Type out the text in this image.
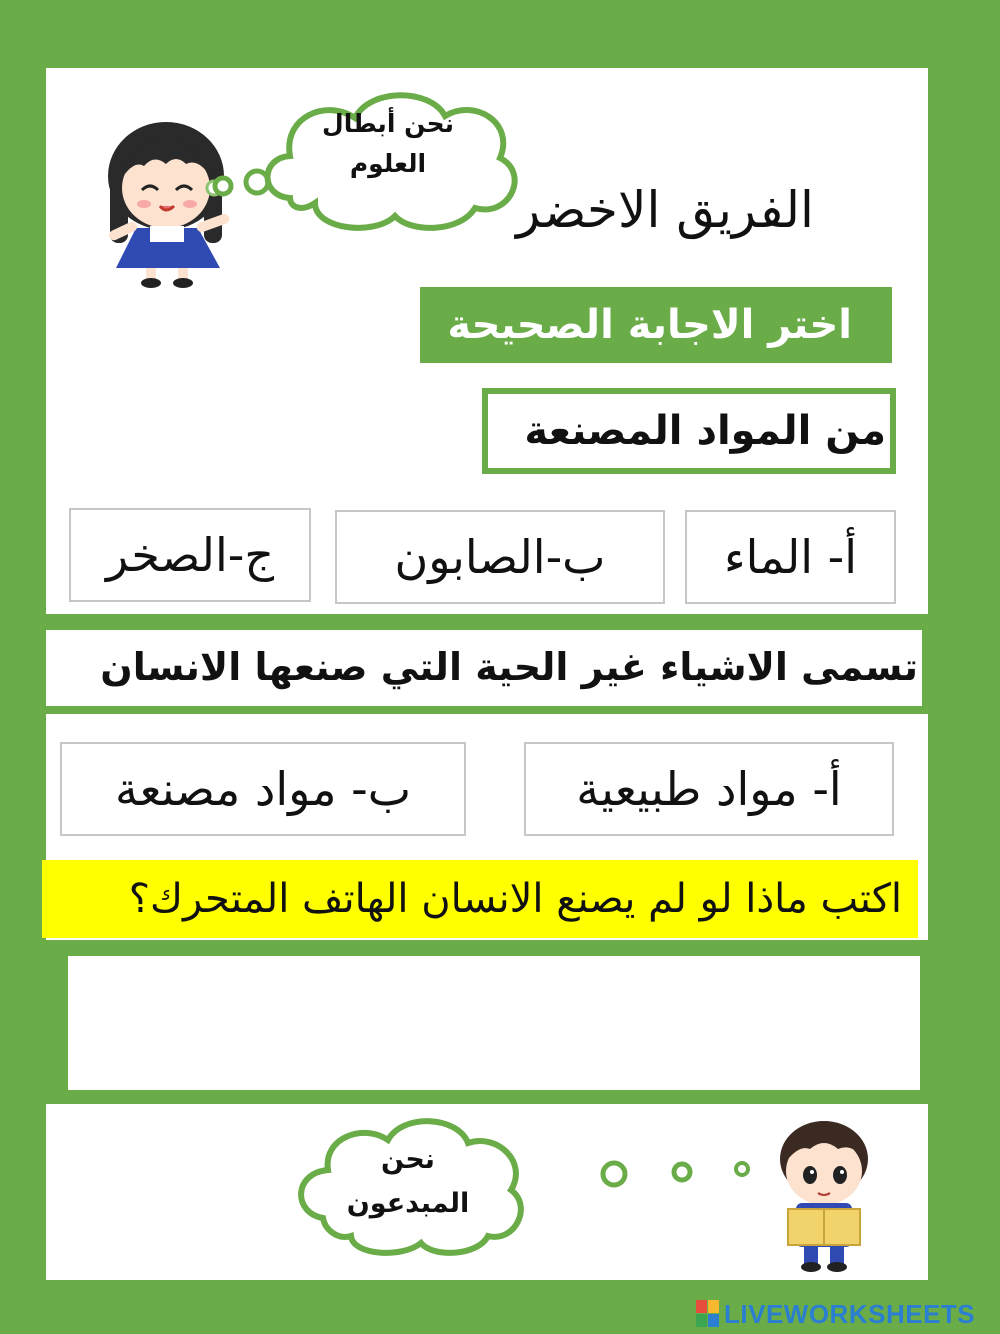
نحن أبطال
العلوم
الفريق الاخضر
اختر الاجابة الصحيحة
من المواد المصنعة
أ- الماء
ب-الصابون
ج-الصخر
تسمى الاشياء غير الحية التي صنعها الانسان
أ- مواد طبيعية
ب- مواد مصنعة
اكتب ماذا لو لم يصنع الانسان الهاتف المتحرك؟
نحن
المبدعون
LIVEWORKSHEETS
